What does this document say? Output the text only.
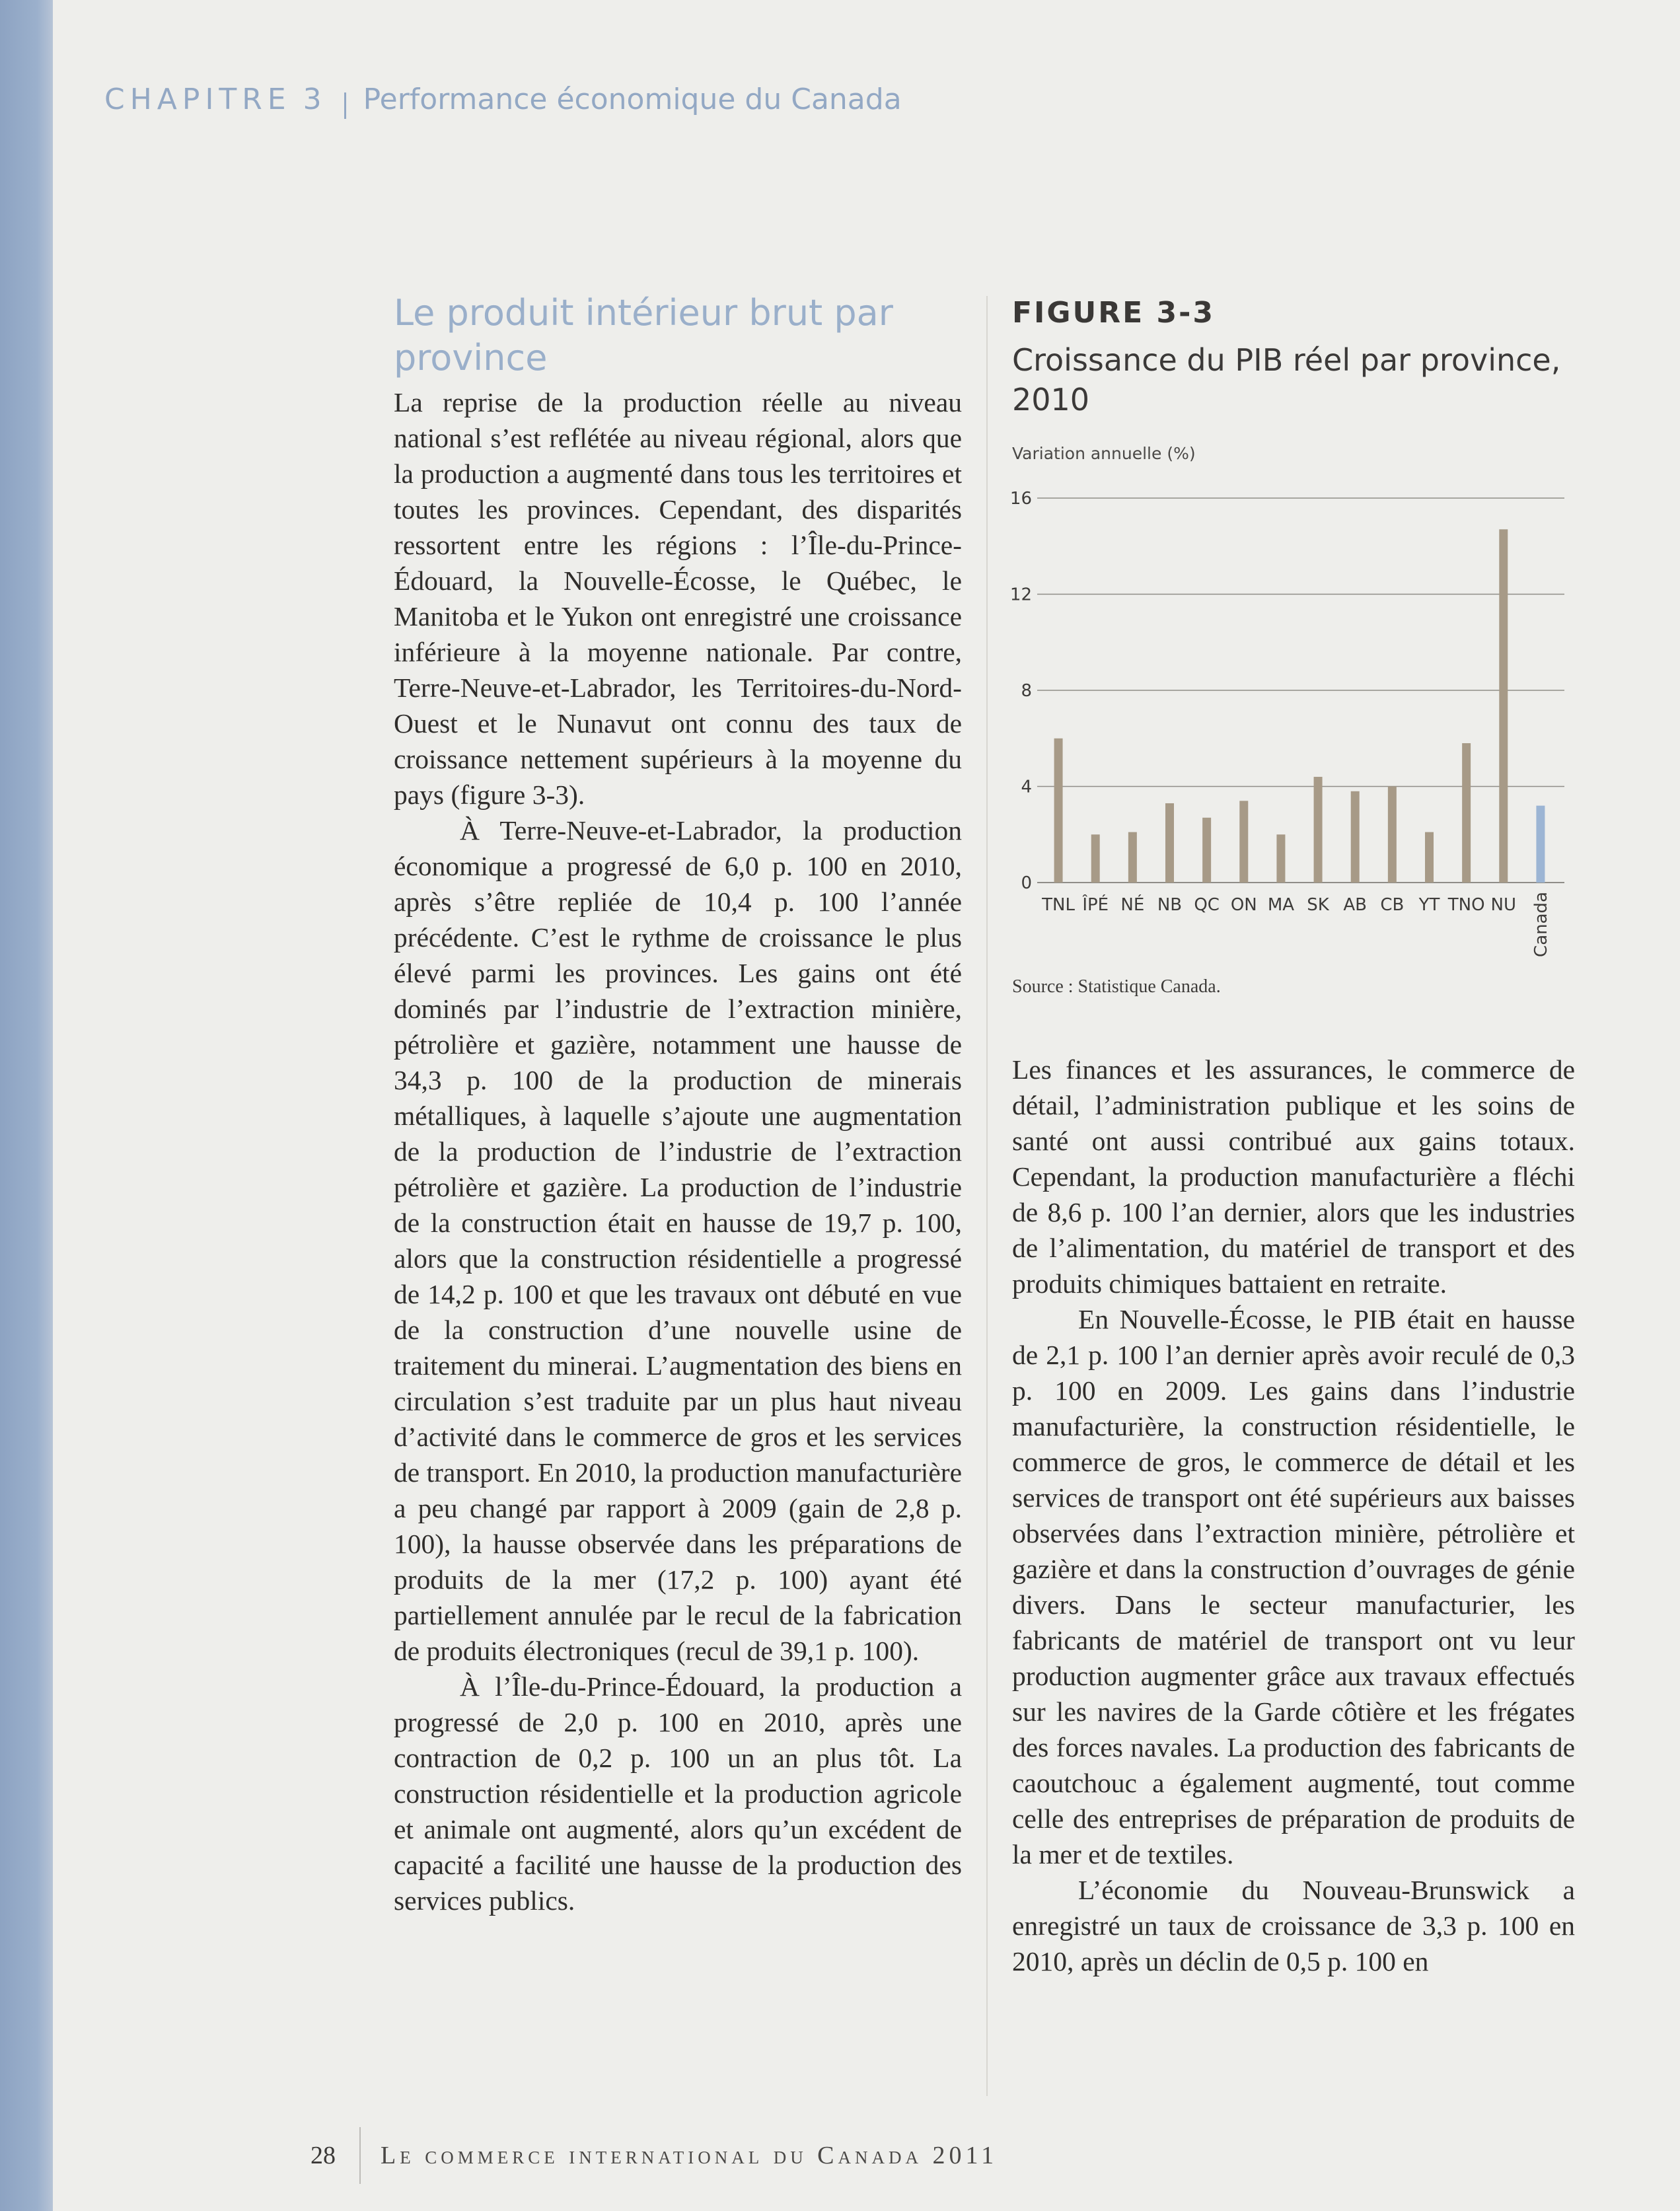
CHAPITRE 3 Performance économique du Canada
Le produit intérieur brut par province

La reprise de la production réelle au niveau national s’est reflétée au niveau régional, alors que la production a augmenté dans tous les territoires et toutes les provinces. Cependant, des disparités ressortent entre les régions : l’Île-du-Prince-Édouard, la Nouvelle-Écosse, le Québec, le Manitoba et le Yukon ont enregistré une croissance inférieure à la moyenne nationale. Par contre, Terre-Neuve-et-Labrador, les Territoires-du-Nord-Ouest et le Nunavut ont connu des taux de croissance nettement supérieurs à la moyenne du pays (figure 3-3).

À Terre-Neuve-et-Labrador, la production économique a progressé de 6,0 p. 100 en 2010, après s’être repliée de 10,4 p. 100 l’année précédente. C’est le rythme de croissance le plus élevé parmi les provinces. Les gains ont été dominés par l’industrie de l’extraction minière, pétrolière et gazière, notamment une hausse de 34,3 p. 100 de la production de minerais métalliques, à laquelle s’ajoute une augmentation de la production de l’industrie de l’extraction pétrolière et gazière. La production de l’industrie de la construction était en hausse de 19,7 p. 100, alors que la construction résidentielle a progressé de 14,2 p. 100 et que les travaux ont débuté en vue de la construction d’une nouvelle usine de traitement du minerai. L’augmentation des biens en circulation s’est traduite par un plus haut niveau d’activité dans le commerce de gros et les services de transport. En 2010, la production manufacturière a peu changé par rapport à 2009 (gain de 2,8 p. 100), la hausse observée dans les préparations de produits de la mer (17,2 p. 100) ayant été partiellement annulée par le recul de la fabrication de produits électroniques (recul de 39,1 p. 100).

À l’Île-du-Prince-Édouard, la production a progressé de 2,0 p. 100 en 2010, après une contraction de 0,2 p. 100 un an plus tôt. La construction résidentielle et la production agricole et animale ont augmenté, alors qu’un excédent de capacité a facilité une hausse de la production des services publics.

FIGURE 3-3
Croissance du PIB réel par province, 2010
Variation annuelle (%)
0
4
8
12
16
TNL ÎPÉ NÉ NB QC ON MA SK AB CB YT TNO NU Canada
Source : Statistique Canada.

Les finances et les assurances, le commerce de détail, l’administration publique et les soins de santé ont aussi contribué aux gains totaux. Cependant, la production manufacturière a fléchi de 8,6 p. 100 l’an dernier, alors que les industries de l’alimentation, du matériel de transport et des produits chimiques battaient en retraite.

En Nouvelle-Écosse, le PIB était en hausse de 2,1 p. 100 l’an dernier après avoir reculé de 0,3 p. 100 en 2009. Les gains dans l’industrie manufacturière, la construction résidentielle, le commerce de gros, le commerce de détail et les services de transport ont été supérieurs aux baisses observées dans l’extraction minière, pétrolière et gazière et dans la construction d’ouvrages de génie divers. Dans le secteur manufacturier, les fabricants de matériel de transport ont vu leur production augmenter grâce aux travaux effectués sur les navires de la Garde côtière et les frégates des forces navales. La production des fabricants de caoutchouc a également augmenté, tout comme celle des entreprises de préparation de produits de la mer et de textiles.

L’économie du Nouveau-Brunswick a enregistré un taux de croissance de 3,3 p. 100 en 2010, après un déclin de 0,5 p. 100 en

28 Le commerce international du Canada 2011
